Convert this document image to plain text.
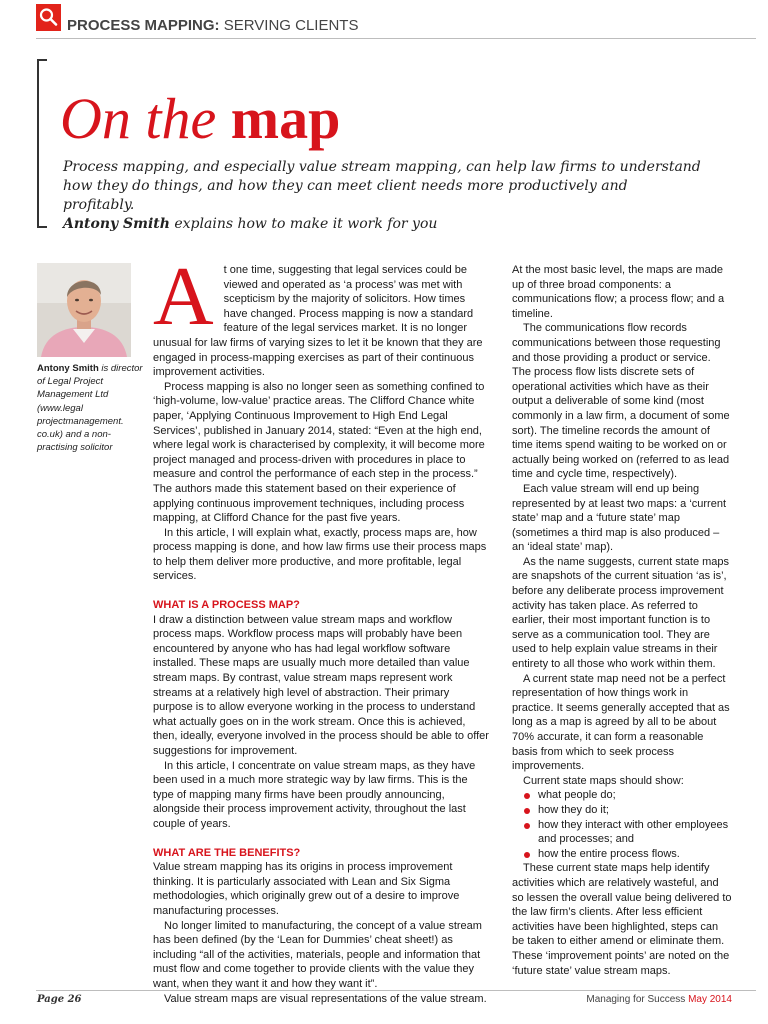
PROCESS MAPPING: SERVING CLIENTS
On the map

Process mapping, and especially value stream mapping, can help law firms to understand how they do things, and how they can meet client needs more productively and profitably.
Antony Smith explains how to make it work for you

Antony Smith is director of Legal Project Management Ltd (www.legal projectmanagement. co.uk) and a non-practising solicitor

At one time, suggesting that legal services could be viewed and operated as ‘a process’ was met with scepticism by the majority of solicitors. How times have changed. Process mapping is now a standard feature of the legal services market. It is no longer unusual for law firms of varying sizes to let it be known that they are engaged in process-mapping exercises as part of their continuous improvement activities.

Process mapping is also no longer seen as something confined to ‘high-volume, low-value’ practice areas. The Clifford Chance white paper, ‘Applying Continuous Improvement to High End Legal Services’, published in January 2014, stated: “Even at the high end, where legal work is characterised by complexity, it will become more project managed and process-driven with procedures in place to measure and control the performance of each step in the process.” The authors made this statement based on their experience of applying continuous improvement techniques, including process mapping, at Clifford Chance for the past five years.

In this article, I will explain what, exactly, process maps are, how process mapping is done, and how law firms use their process maps to help them deliver more productive, and more profitable, legal services.

WHAT IS A PROCESS MAP?

I draw a distinction between value stream maps and workflow process maps. Workflow process maps will probably have been encountered by anyone who has had legal workflow software installed. These maps are usually much more detailed than value stream maps. By contrast, value stream maps represent work streams at a relatively high level of abstraction. Their primary purpose is to allow everyone working in the process to understand what actually goes on in the work stream. Once this is achieved, then, ideally, everyone involved in the process should be able to offer suggestions for improvement.

In this article, I concentrate on value stream maps, as they have been used in a much more strategic way by law firms. This is the type of mapping many firms have been proudly announcing, alongside their process improvement activity, throughout the last couple of years.

WHAT ARE THE BENEFITS?

Value stream mapping has its origins in process improvement thinking. It is particularly associated with Lean and Six Sigma methodologies, which originally grew out of a desire to improve manufacturing processes.

No longer limited to manufacturing, the concept of a value stream has been defined (by the ‘Lean for Dummies’ cheat sheet!) as including “all of the activities, materials, people and information that must flow and come together to provide clients with the value they want, when they want it and how they want it”.

Value stream maps are visual representations of the value stream.

At the most basic level, the maps are made up of three broad components: a communications flow; a process flow; and a timeline.

The communications flow records communications between those requesting and those providing a product or service. The process flow lists discrete sets of operational activities which have as their output a deliverable of some kind (most commonly in a law firm, a document of some sort). The timeline records the amount of time items spend waiting to be worked on or actually being worked on (referred to as lead time and cycle time, respectively).

Each value stream will end up being represented by at least two maps: a ‘current state’ map and a ‘future state’ map (sometimes a third map is also produced – an ‘ideal state’ map).

As the name suggests, current state maps are snapshots of the current situation ‘as is’, before any deliberate process improvement activity has taken place. As referred to earlier, their most important function is to serve as a communication tool. They are used to help explain value streams in their entirety to all those who work within them.

A current state map need not be a perfect representation of how things work in practice. It seems generally accepted that as long as a map is agreed by all to be about 70% accurate, it can form a reasonable basis from which to seek process improvements.

Current state maps should show:

what people do;
how they do it;
how they interact with other employees and processes; and
how the entire process flows.

These current state maps help identify activities which are relatively wasteful, and so lessen the overall value being delivered to the law firm’s clients. After less efficient activities have been highlighted, steps can be taken to either amend or eliminate them. These ‘improvement points’ are noted on the ‘future state’ value stream maps.

Page 26	Managing for Success May 2014
